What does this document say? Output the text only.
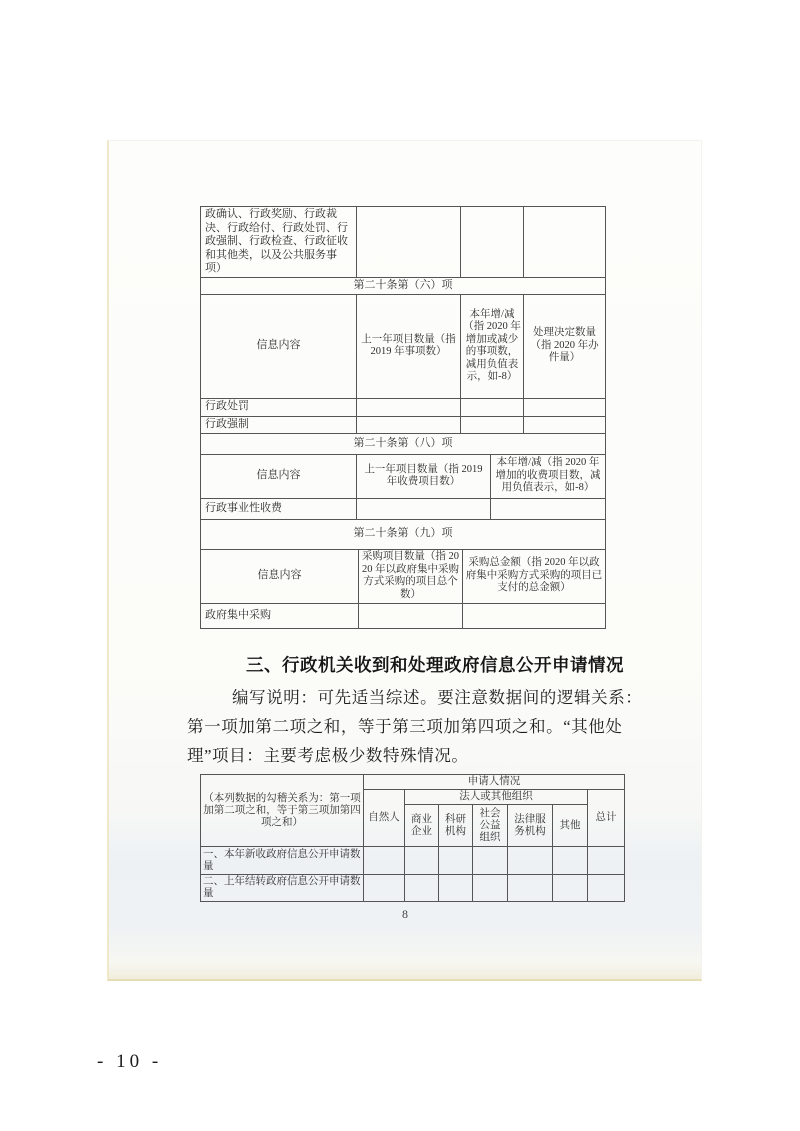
政确认、行政奖励、行政裁决、行政给付、行政处罚、行政强制、行政检查、行政征收和其他类，以及公共服务事项）			
第二十条第（六）项			
信息内容	上一年项目数量（指 2019 年事项数）	本年增/减（指 2020 年增加或减少的事项数，减用负值表示，如-8）	处理决定数量（指 2020 年办件量）
行政处罚			
行政强制			
第二十条第（八）项		
信息内容	上一年项目数量（指 2019 年收费项目数）	本年增/减（指 2020 年增加的收费项目数，减用负值表示，如-8）
行政事业性收费		
第二十条第（九）项		
信息内容	采购项目数量（指 2020 年以政府集中采购方式采购的项目总个数）	采购总金额（指 2020 年以政府集中采购方式采购的项目已支付的总金额）
政府集中采购		
三、行政机关收到和处理政府信息公开申请情况
编写说明：可先适当综述。要注意数据间的逻辑关系：
第一项加第二项之和，等于第三项加第四项之和。“其他处
理”项目：主要考虑极少数特殊情况。
（本列数据的勾稽关系为：第一项加第二项之和，等于第三项加第四项之和）	申请人情况						
	自然人	法人或其他组织					总计
		商业企业	科研机构	社会公益组织	法律服务机构	其他	
一、本年新收政府信息公开申请数量							
二、上年结转政府信息公开申请数量							
8
- 10 -
